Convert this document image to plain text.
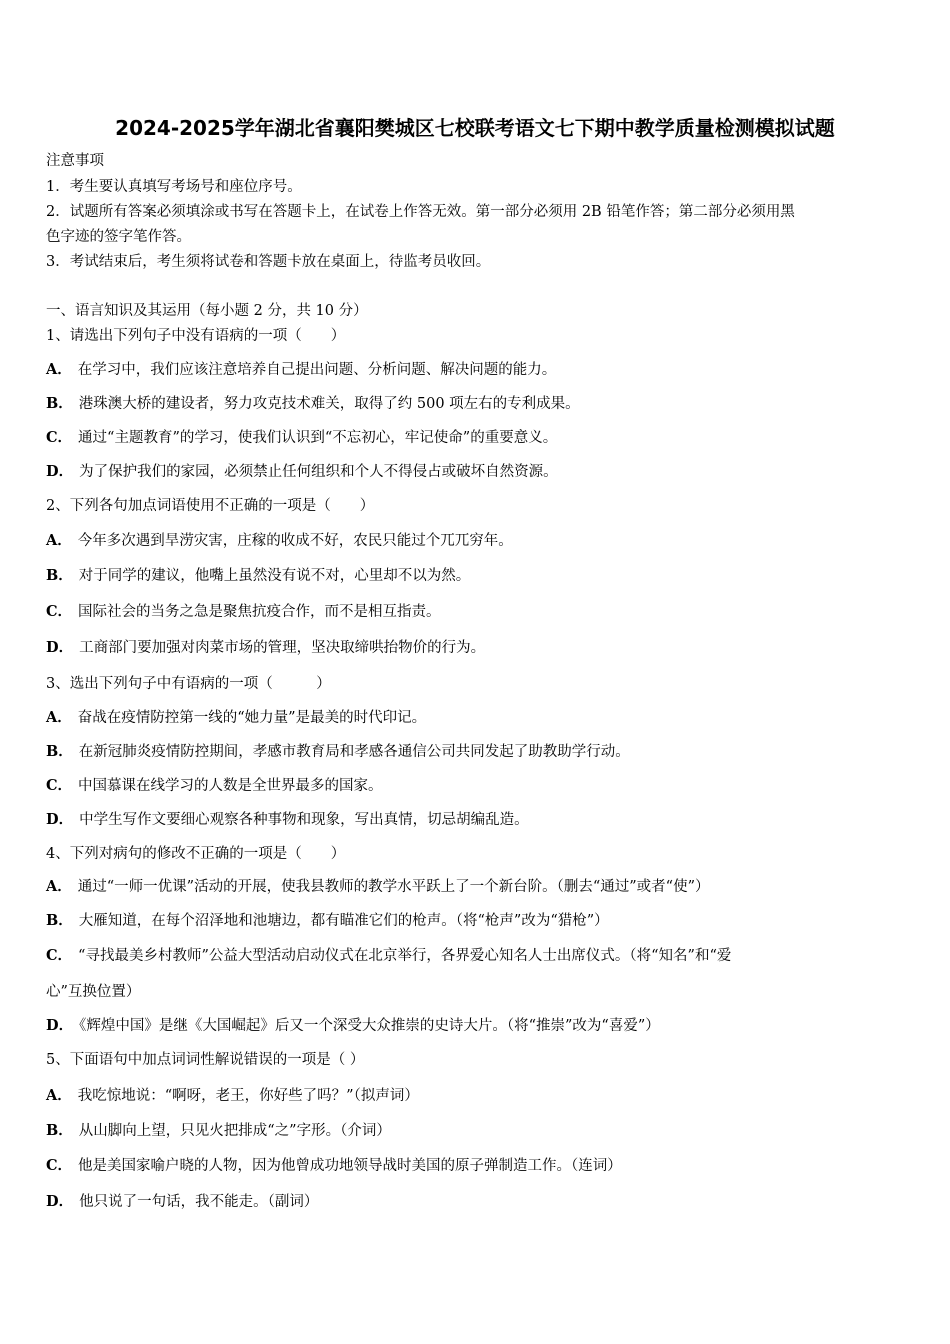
2024-2025学年湖北省襄阳樊城区七校联考语文七下期中教学质量检测模拟试题
注意事项
1．考生要认真填写考场号和座位序号。
2．试题所有答案必须填涂或书写在答题卡上，在试卷上作答无效。第一部分必须用 2B 铅笔作答；第二部分必须用黑
色字迹的签字笔作答。
3．考试结束后，考生须将试卷和答题卡放在桌面上，待监考员收回。
一、语言知识及其运用（每小题 2 分，共 10 分）
1、请选出下列句子中没有语病的一项（　　）
A． 在学习中，我们应该注意培养自己提出问题、分析问题、解决问题的能力。
B． 港珠澳大桥的建设者，努力攻克技术难关，取得了约 500 项左右的专利成果。
C． 通过“主题教育”的学习，使我们认识到“不忘初心，牢记使命”的重要意义。
D． 为了保护我们的家园，必须禁止任何组织和个人不得侵占或破坏自然资源。
2、下列各句加点词语使用不正确的一项是（　　）
A． 今年多次遇到旱涝灾害，庄稼的收成不好，农民只能过个兀兀穷年。
B． 对于同学的建议，他嘴上虽然没有说不对，心里却不以为然。
C． 国际社会的当务之急是聚焦抗疫合作，而不是相互指责。
D． 工商部门要加强对肉菜市场的管理，坚决取缔哄抬物价的行为。
3、选出下列句子中有语病的一项（　　　）
A． 奋战在疫情防控第一线的“她力量”是最美的时代印记。
B． 在新冠肺炎疫情防控期间，孝感市教育局和孝感各通信公司共同发起了助教助学行动。
C． 中国慕课在线学习的人数是全世界最多的国家。
D． 中学生写作文要细心观察各种事物和现象，写出真情，切忌胡编乱造。
4、下列对病句的修改不正确的一项是（　　）
A． 通过“一师一优课”活动的开展，使我县教师的教学水平跃上了一个新台阶。（删去“通过”或者“使”）
B． 大雁知道，在每个沼泽地和池塘边，都有瞄准它们的枪声。（将“枪声”改为“猎枪”）
C． “寻找最美乡村教师”公益大型活动启动仪式在北京举行，各界爱心知名人士出席仪式。（将“知名”和“爱
心”互换位置）
D． 《辉煌中国》是继《大国崛起》后又一个深受大众推崇的史诗大片。（将“推崇”改为“喜爱”）
5、下面语句中加点词词性解说错误的一项是（ ）
A． 我吃惊地说：“啊呀，老王，你好些了吗？”（拟声词）
B． 从山脚向上望，只见火把排成“之”字形。（介词）
C． 他是美国家喻户晓的人物，因为他曾成功地领导战时美国的原子弹制造工作。（连词）
D． 他只说了一句话，我不能走。（副词）
